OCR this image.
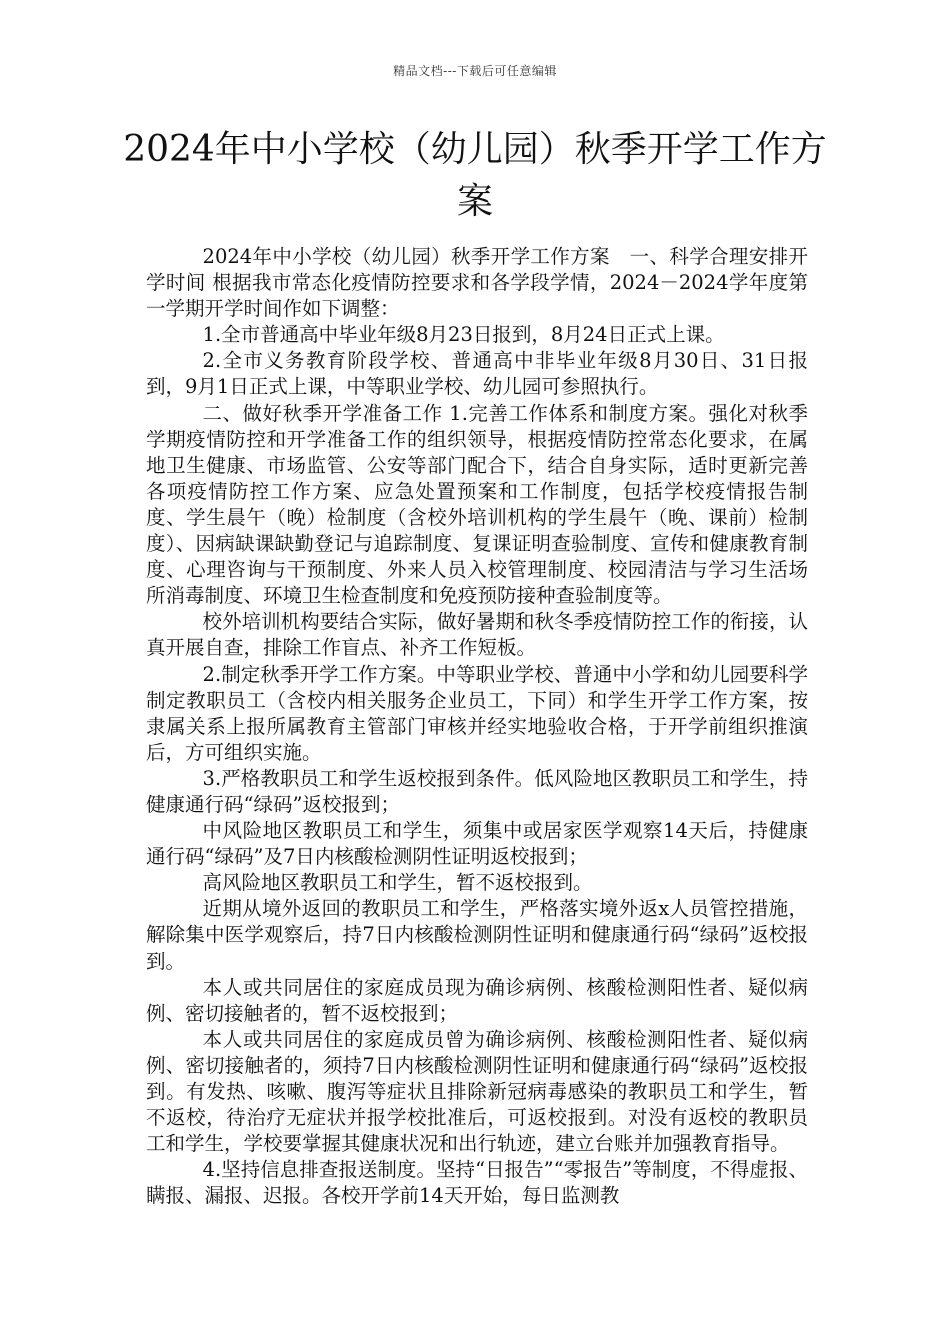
精品文档---下载后可任意编辑
2024年中小学校（幼儿园）秋季开学工作方案

2024年中小学校（幼儿园）秋季开学工作方案　一、科学合理安排开学时间 根据我市常态化疫情防控要求和各学段学情，2024－2024学年度第一学期开学时间作如下调整：

1.全市普通高中毕业年级8月23日报到，8月24日正式上课。

2.全市义务教育阶段学校、普通高中非毕业年级8月30日、31日报到，9月1日正式上课，中等职业学校、幼儿园可参照执行。

二、做好秋季开学准备工作 1.完善工作体系和制度方案。强化对秋季学期疫情防控和开学准备工作的组织领导，根据疫情防控常态化要求，在属地卫生健康、市场监管、公安等部门配合下，结合自身实际，适时更新完善各项疫情防控工作方案、应急处置预案和工作制度，包括学校疫情报告制度、学生晨午（晚）检制度（含校外培训机构的学生晨午（晚、课前）检制度）、因病缺课缺勤登记与追踪制度、复课证明查验制度、宣传和健康教育制度、心理咨询与干预制度、外来人员入校管理制度、校园清洁与学习生活场所消毒制度、环境卫生检查制度和免疫预防接种查验制度等。

校外培训机构要结合实际，做好暑期和秋冬季疫情防控工作的衔接，认真开展自查，排除工作盲点、补齐工作短板。

2.制定秋季开学工作方案。中等职业学校、普通中小学和幼儿园要科学制定教职员工（含校内相关服务企业员工，下同）和学生开学工作方案，按隶属关系上报所属教育主管部门审核并经实地验收合格，于开学前组织推演后，方可组织实施。

3.严格教职员工和学生返校报到条件。低风险地区教职员工和学生，持健康通行码“绿码”返校报到；

中风险地区教职员工和学生，须集中或居家医学观察14天后，持健康通行码“绿码”及7日内核酸检测阴性证明返校报到；

高风险地区教职员工和学生，暂不返校报到。

近期从境外返回的教职员工和学生，严格落实境外返x人员管控措施，解除集中医学观察后，持7日内核酸检测阴性证明和健康通行码“绿码”返校报到。

本人或共同居住的家庭成员现为确诊病例、核酸检测阳性者、疑似病例、密切接触者的，暂不返校报到；

本人或共同居住的家庭成员曾为确诊病例、核酸检测阳性者、疑似病例、密切接触者的，须持7日内核酸检测阴性证明和健康通行码“绿码”返校报到。有发热、咳嗽、腹泻等症状且排除新冠病毒感染的教职员工和学生，暂不返校，待治疗无症状并报学校批准后，可返校报到。对没有返校的教职员工和学生，学校要掌握其健康状况和出行轨迹，建立台账并加强教育指导。

4.坚持信息排查报送制度。坚持“日报告”“零报告”等制度，不得虚报、瞒报、漏报、迟报。各校开学前14天开始，每日监测教
